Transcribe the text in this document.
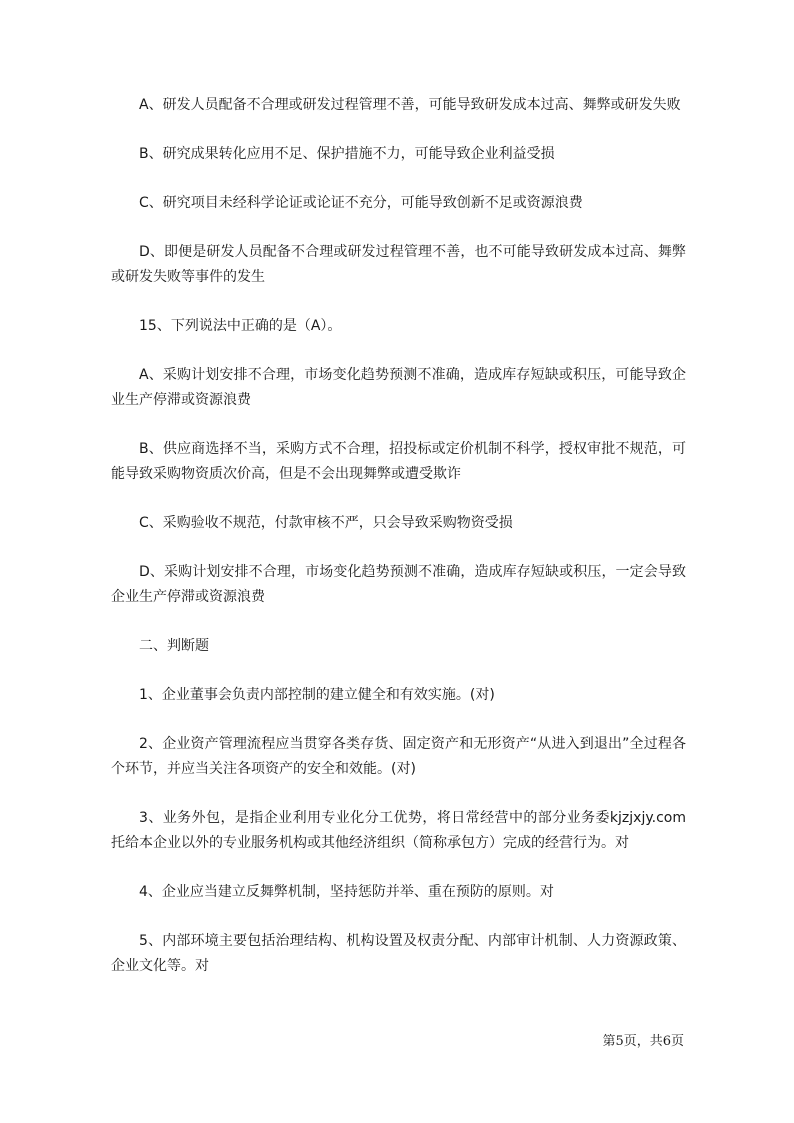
A、研发人员配备不合理或研发过程管理不善，可能导致研发成本过高、舞弊或研发失败

B、研究成果转化应用不足、保护措施不力，可能导致企业利益受损

C、研究项目未经科学论证或论证不充分，可能导致创新不足或资源浪费

D、即便是研发人员配备不合理或研发过程管理不善，也不可能导致研发成本过高、舞弊或研发失败等事件的发生

15、下列说法中正确的是（A）。

A、采购计划安排不合理，市场变化趋势预测不准确，造成库存短缺或积压，可能导致企业生产停滞或资源浪费

B、供应商选择不当，采购方式不合理，招投标或定价机制不科学，授权审批不规范，可能导致采购物资质次价高，但是不会出现舞弊或遭受欺诈

C、采购验收不规范，付款审核不严，只会导致采购物资受损

D、采购计划安排不合理，市场变化趋势预测不准确，造成库存短缺或积压，一定会导致企业生产停滞或资源浪费

二、判断题

1、企业董事会负责内部控制的建立健全和有效实施。(对)

2、企业资产管理流程应当贯穿各类存货、固定资产和无形资产“从进入到退出”全过程各个环节，并应当关注各项资产的安全和效能。(对)

3、业务外包，是指企业利用专业化分工优势，将日常经营中的部分业务委kjzjxjy.com 托给本企业以外的专业服务机构或其他经济组织（简称承包方）完成的经营行为。对

4、企业应当建立反舞弊机制，坚持惩防并举、重在预防的原则。对

5、内部环境主要包括治理结构、机构设置及权责分配、内部审计机制、人力资源政策、企业文化等。对

第5页，共6页
